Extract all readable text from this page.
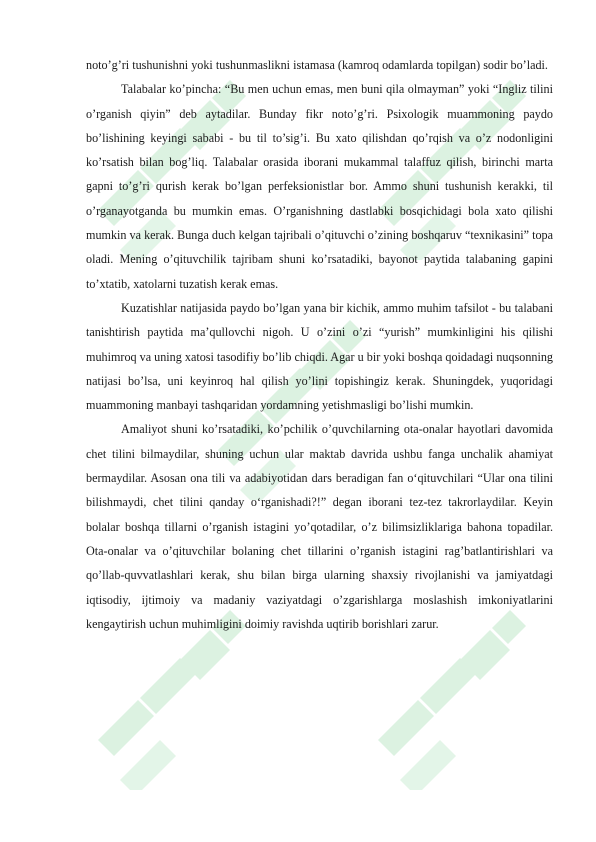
noto’g’ri tushunishni yoki tushunmaslikni istamasa (kamroq odamlarda topilgan) sodir bo’ladi.

Talabalar ko’pincha: “Bu men uchun emas, men buni qila olmayman” yoki “Ingliz tilini o’rganish qiyin” deb aytadilar. Bunday fikr noto’g’ri. Psixologik muammoning paydo bo’lishining keyingi sababi - bu til to’sig’i. Bu xato qilishdan qo’rqish va o’z nodonligini ko’rsatish bilan bog’liq. Talabalar orasida iborani mukammal talaffuz qilish, birinchi marta gapni to’g’ri qurish kerak bo’lgan perfeksionistlar bor. Ammo shuni tushunish kerakki, til o’rganayotganda bu mumkin emas. O’rganishning dastlabki bosqichidagi bola xato qilishi mumkin va kerak. Bunga duch kelgan tajribali o’qituvchi o’zining boshqaruv “texnikasini” topa oladi. Mening o’qituvchilik tajribam shuni ko’rsatadiki, bayonot paytida talabaning gapini to’xtatib, xatolarni tuzatish kerak emas.

Kuzatishlar natijasida paydo bo’lgan yana bir kichik, ammo muhim tafsilot - bu talabani tanishtirish paytida ma’qullovchi nigoh. U o’zini o’zi “yurish” mumkinligini his qilishi muhimroq va uning xatosi tasodifiy bo’lib chiqdi. Agar u bir yoki boshqa qoidadagi nuqsonning natijasi bo’lsa, uni keyinroq hal qilish yo’lini topishingiz kerak. Shuningdek, yuqoridagi muammoning manbayi tashqaridan yordamning yetishmasligi bo’lishi mumkin.

Amaliyot shuni ko’rsatadiki, ko’pchilik o’quvchilarning ota-onalar hayotlari davomida chet tilini bilmaydilar, shuning uchun ular maktab davrida ushbu fanga unchalik ahamiyat bermaydilar. Asosan ona tili va adabiyotidan dars beradigan fan o‘qituvchilari “Ular ona tilini bilishmaydi, chet tilini qanday o‘rganishadi?!” degan iborani tez-tez takrorlaydilar. Keyin bolalar boshqa tillarni o’rganish istagini yo’qotadilar, o’z bilimsizliklariga bahona topadilar. Ota-onalar va o’qituvchilar bolaning chet tillarini o’rganish istagini rag’batlantirishlari va qo’llab-quvvatlashlari kerak, shu bilan birga ularning shaxsiy rivojlanishi va jamiyatdagi iqtisodiy, ijtimoiy va madaniy vaziyatdagi o’zgarishlarga moslashish imkoniyatlarini kengaytirish uchun muhimligini doimiy ravishda uqtirib borishlari zarur.
